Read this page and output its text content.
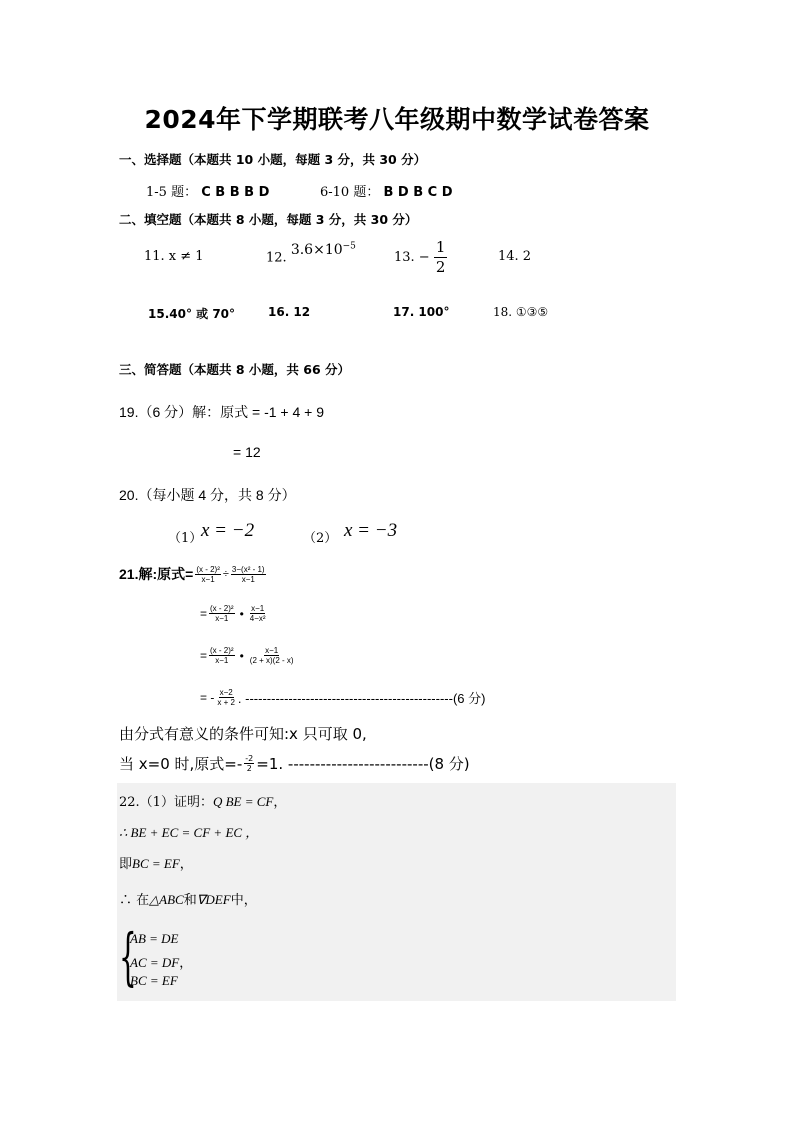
2024年下学期联考八年级期中数学试卷答案
一、选择题（本题共 10 小题，每题 3 分，共 30 分）
1-5 题： C B B B D	6-10 题： B D B C D
二、填空题（本题共 8 小题，每题 3 分，共 30 分）
11. x ≠ 1	12. $3.6\times 10^{-5}$
13. − $\frac{1}{2}$	14. 2
15.40° 或 70°	16. 12	17. 100°	18. ①③⑤
三、简答题（本题共 8 小题，共 66 分）
19.（6 分）解：原式 = -1 + 4 + 9
= 12
20.（每小题 4 分，共 8 分）
（1）
x = −2	（2） x = −3
21.解:原式= $\frac{\text{(x - 2)²}}{x-1} \div \frac{\text{3−(x² - 1)}}{x-1}$
= $\frac{\text{(x - 2)²}}{x-1}$ • $\frac{x-1}{\text{4−x²}}$
= $\frac{\text{(x - 2)²}}{x-1}$ • $\frac{x-1}{(2 + x)(2 - x)}$
= - $\frac{x-2}{x + 2}$ . ------------------------------------------------(6 分)
由分式有意义的条件可知:x 只可取 0,
当 x=0 时,原式=- $\frac{-2}{2} =1$. --------------------------(8 分)
22.（1）证明：Q BE = CF，
∴ BE + EC = CF + EC ，
即BC = EF，
∴ 在△ABC和∇DEF中，
{
AB = DE
AC = DF，
BC = EF
